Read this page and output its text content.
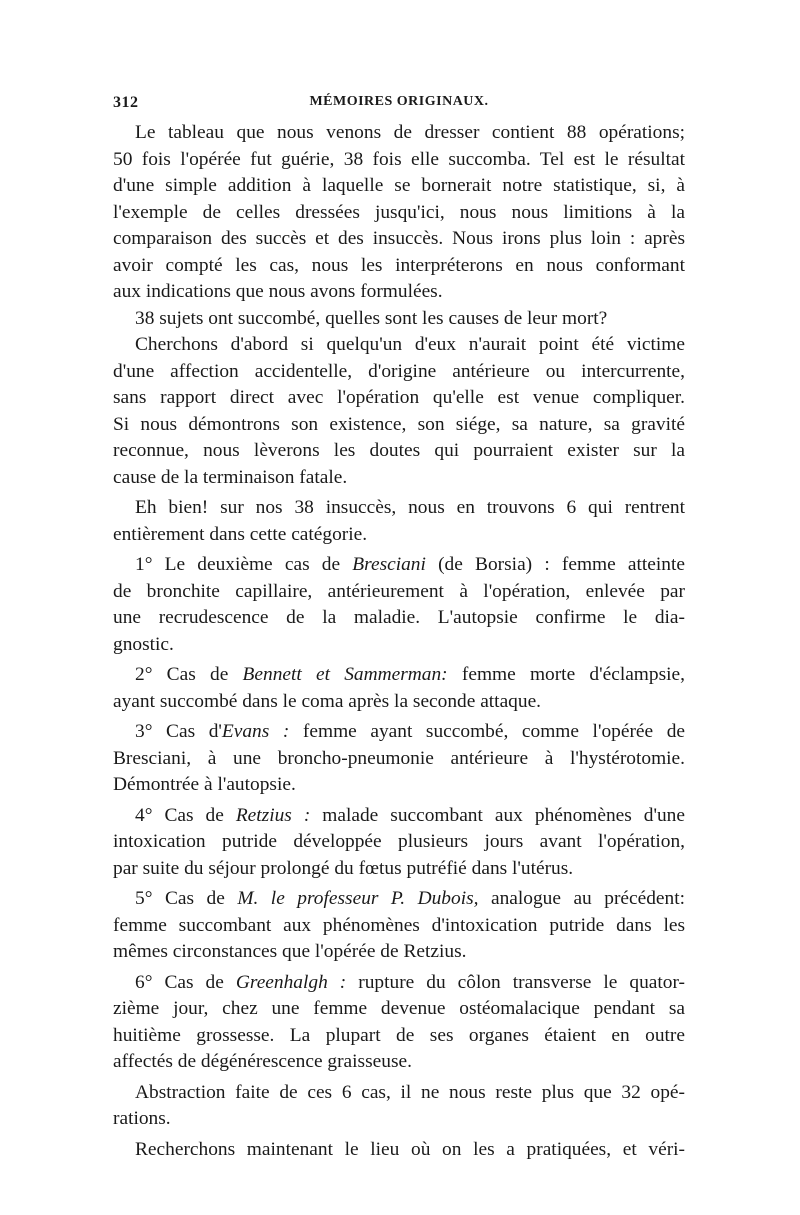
312	MÉMOIRES ORIGINAUX.
Le tableau que nous venons de dresser contient 88 opérations;
50 fois l'opérée fut guérie, 38 fois elle succomba. Tel est le résultat
d'une simple addition à laquelle se bornerait notre statistique, si, à
l'exemple de celles dressées jusqu'ici, nous nous limitions à la
comparaison des succès et des insuccès. Nous irons plus loin : après
avoir compté les cas, nous les interpréterons en nous conformant
aux indications que nous avons formulées.
38 sujets ont succombé, quelles sont les causes de leur mort?
Cherchons d'abord si quelqu'un d'eux n'aurait point été victime
d'une affection accidentelle, d'origine antérieure ou intercurrente,
sans rapport direct avec l'opération qu'elle est venue compliquer.
Si nous démontrons son existence, son siége, sa nature, sa gravité
reconnue, nous lèverons les doutes qui pourraient exister sur la
cause de la terminaison fatale.
Eh bien! sur nos 38 insuccès, nous en trouvons 6 qui rentrent
entièrement dans cette catégorie.
1° Le deuxième cas de Bresciani (de Borsia) : femme atteinte
de bronchite capillaire, antérieurement à l'opération, enlevée par
une recrudescence de la maladie. L'autopsie confirme le dia-
gnostic.
2° Cas de Bennett et Sammerman: femme morte d'éclampsie,
ayant succombé dans le coma après la seconde attaque.
3° Cas d'Evans : femme ayant succombé, comme l'opérée de
Bresciani, à une broncho-pneumonie antérieure à l'hystérotomie.
Démontrée à l'autopsie.
4° Cas de Retzius : malade succombant aux phénomènes d'une
intoxication putride développée plusieurs jours avant l'opération,
par suite du séjour prolongé du fœtus putréfié dans l'utérus.
5° Cas de M. le professeur P. Dubois, analogue au précédent:
femme succombant aux phénomènes d'intoxication putride dans les
mêmes circonstances que l'opérée de Retzius.
6° Cas de Greenhalgh : rupture du côlon transverse le quator-
zième jour, chez une femme devenue ostéomalacique pendant sa
huitième grossesse. La plupart de ses organes étaient en outre
affectés de dégénérescence graisseuse.
Abstraction faite de ces 6 cas, il ne nous reste plus que 32 opé-
rations.
Recherchons maintenant le lieu où on les a pratiquées, et véri-
